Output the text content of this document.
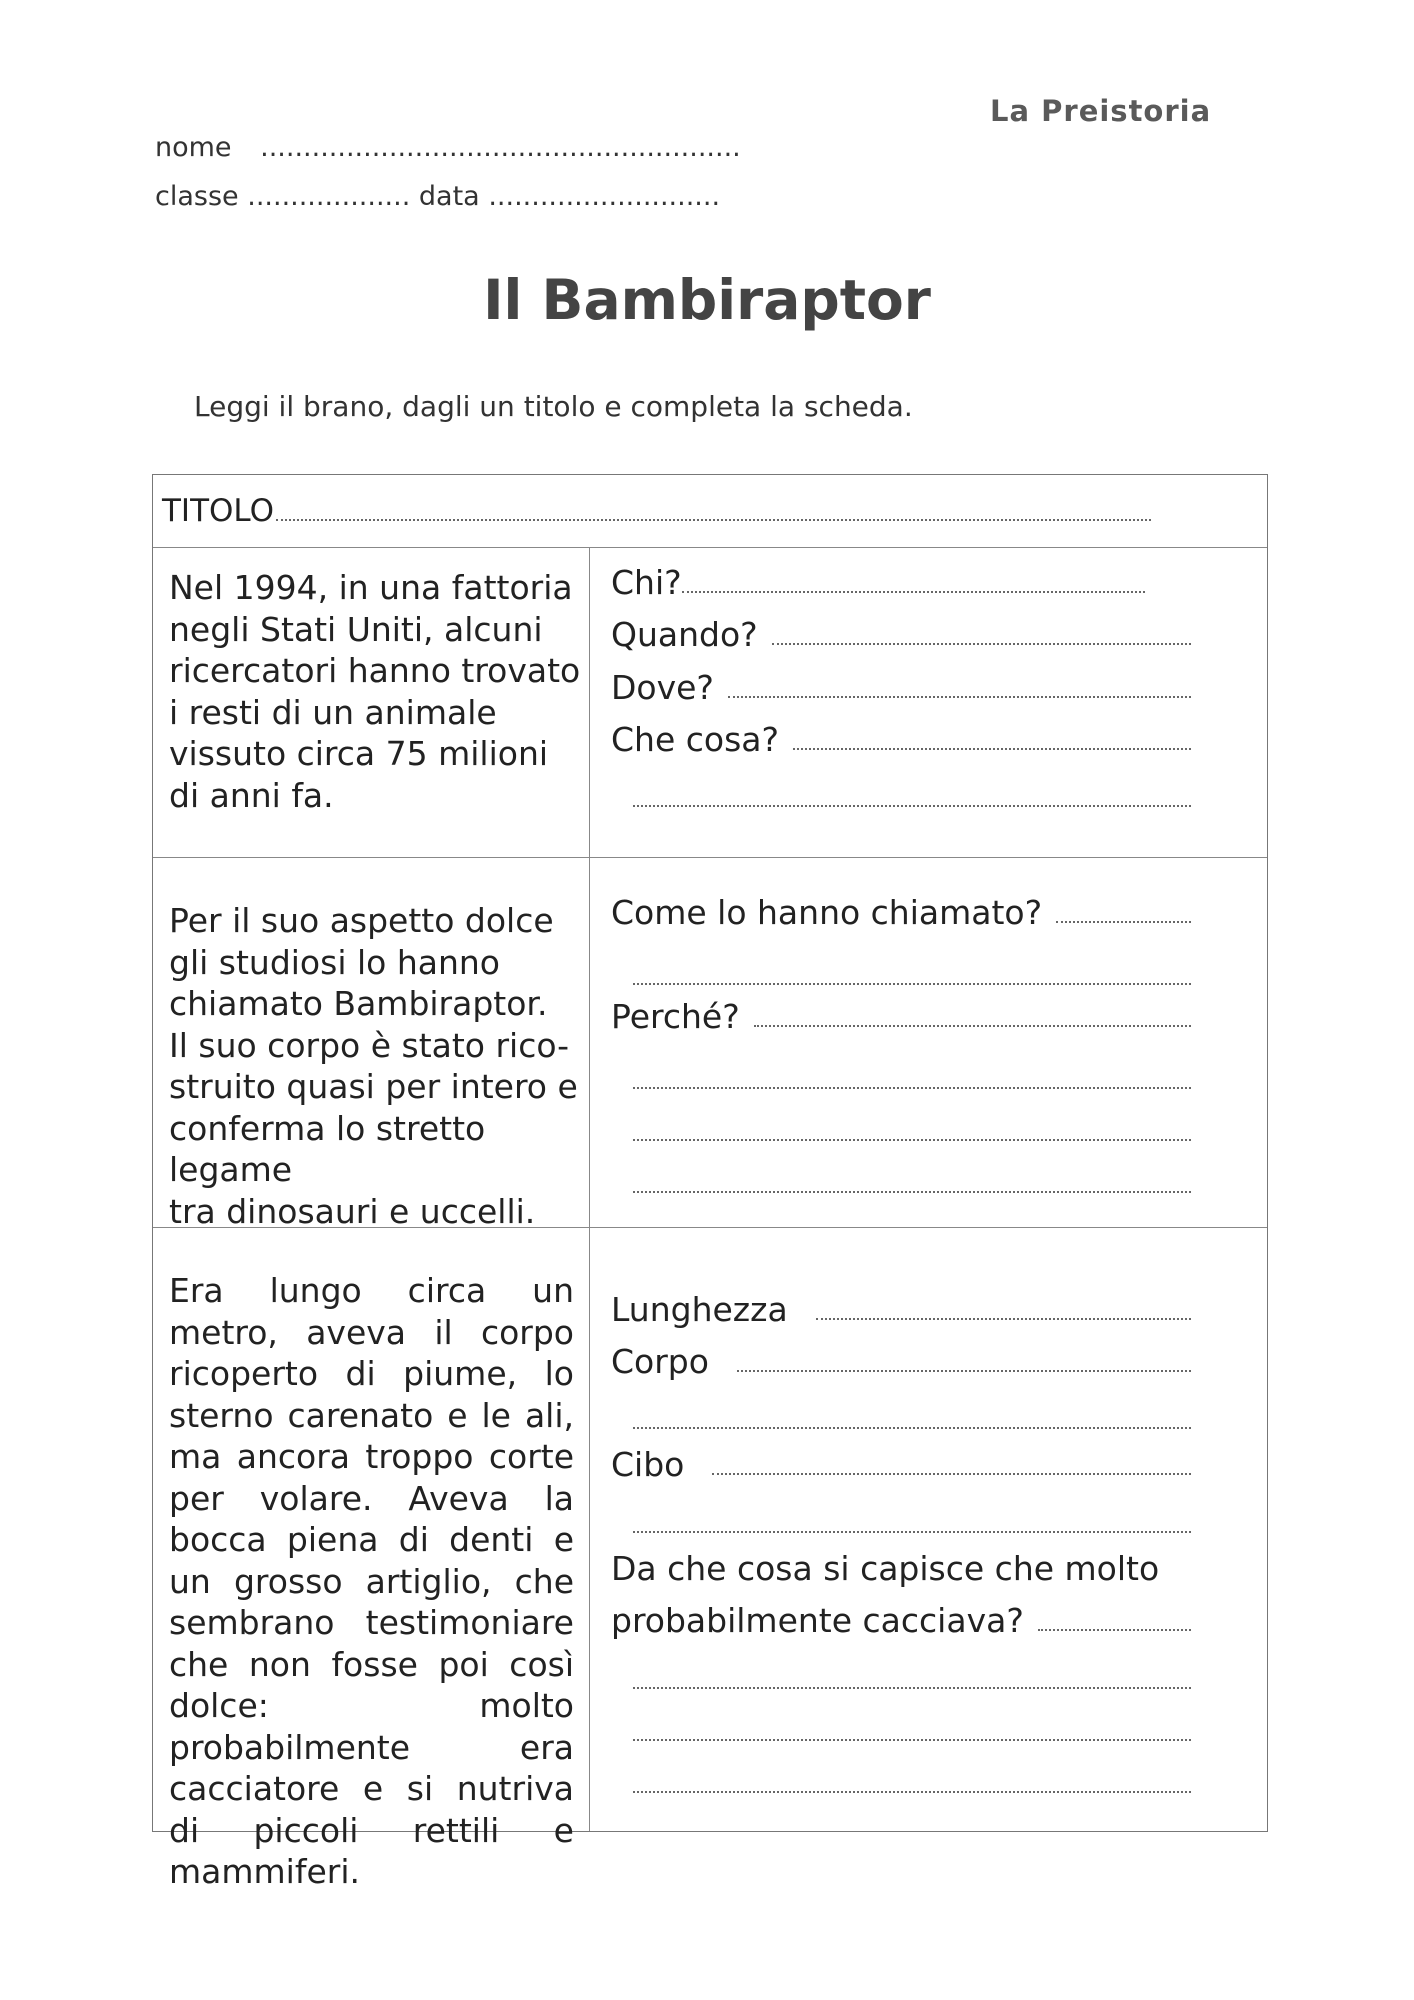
La Preistoria
nome ........................................................
classe ................... data ...........................
Il Bambiraptor
Leggi il brano, dagli un titolo e completa la scheda.
TITOLO
Nel 1994, in una fattoria
negli Stati Uniti, alcuni
ricercatori hanno trovato
i resti di un animale
vissuto circa 75 milioni
di anni fa.
Chi?
Quando?
Dove?
Che cosa?
Per il suo aspetto dolce
gli studiosi lo hanno
chiamato Bambiraptor.
Il suo corpo è stato rico-
struito quasi per intero e
conferma lo stretto legame
tra dinosauri e uccelli.
Come lo hanno chiamato?
Perché?
Era lungo circa un metro, aveva il corpo ricoperto di piume, lo sterno carenato e le ali, ma ancora troppo corte per volare. Aveva la bocca piena di denti e un grosso artiglio, che sembrano testimoniare che non fosse poi così dolce: molto probabilmente era cacciatore e si nutriva di piccoli rettili e mammiferi.
Lunghezza
Corpo
Cibo
Da che cosa si capisce che molto
probabilmente cacciava?
